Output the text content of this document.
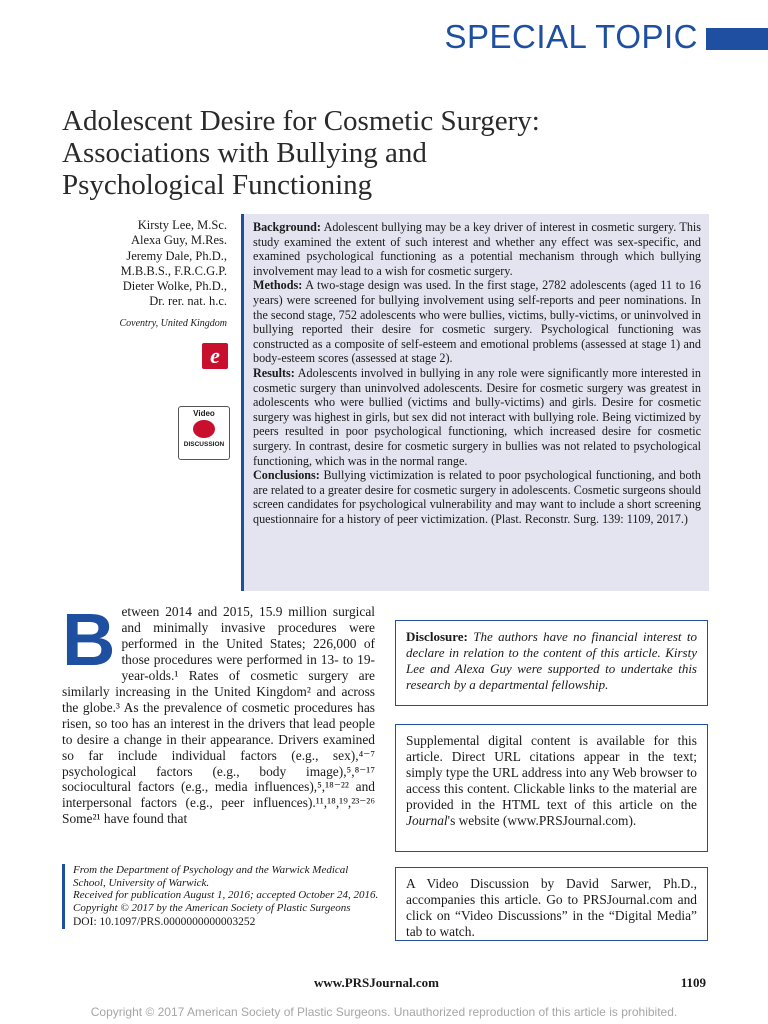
SPECIAL TOPIC
Adolescent Desire for Cosmetic Surgery:
Associations with Bullying and
Psychological Functioning
Kirsty Lee, M.Sc.
Alexa Guy, M.Res.
Jeremy Dale, Ph.D.,
M.B.B.S., F.R.C.G.P.
Dieter Wolke, Ph.D.,
Dr. rer. nat. h.c.
Coventry, United Kingdom
e
Video
DISCUSSION

Background: Adolescent bullying may be a key driver of interest in cosmetic surgery. This study examined the extent of such interest and whether any effect was sex-specific, and examined psychological functioning as a potential mechanism through which bullying involvement may lead to a wish for cosmetic surgery.

Methods: A two-stage design was used. In the first stage, 2782 adolescents (aged 11 to 16 years) were screened for bullying involvement using self-reports and peer nominations. In the second stage, 752 adolescents who were bullies, victims, bully-victims, or uninvolved in bullying reported their desire for cosmetic surgery. Psychological functioning was constructed as a composite of self-esteem and emotional problems (assessed at stage 1) and body-esteem scores (assessed at stage 2).

Results: Adolescents involved in bullying in any role were significantly more interested in cosmetic surgery than uninvolved adolescents. Desire for cosmetic surgery was greatest in adolescents who were bullied (victims and bully-victims) and girls. Desire for cosmetic surgery was highest in girls, but sex did not interact with bullying role. Being victimized by peers resulted in poor psychological functioning, which increased desire for cosmetic surgery. In contrast, desire for cosmetic surgery in bullies was not related to psychological functioning, which was in the normal range.

Conclusions: Bullying victimization is related to poor psychological functioning, and both are related to a greater desire for cosmetic surgery in adolescents. Cosmetic surgeons should screen candidates for psychological vulnerability and may want to include a short screening questionnaire for a history of peer victimization. (Plast. Reconstr. Surg. 139: 1109, 2017.)

Between 2014 and 2015, 15.9 million surgical and minimally invasive procedures were performed in the United States; 226,000 of those procedures were performed in 13- to 19-year-olds.¹ Rates of cosmetic surgery are similarly increasing in the United Kingdom² and across the globe.³ As the prevalence of cosmetic procedures has risen, so too has an interest in the drivers that lead people to desire a change in their appearance. Drivers examined so far include individual factors (e.g., sex),⁴⁻⁷ psychological factors (e.g., body image),⁵,⁸⁻¹⁷ sociocultural factors (e.g., media influences),⁵,¹⁸⁻²² and interpersonal factors (e.g., peer influences).¹¹,¹⁸,¹⁹,²³⁻²⁶ Some²¹ have found that
Disclosure: The authors have no financial interest to declare in relation to the content of this article. Kirsty Lee and Alexa Guy were supported to undertake this research by a departmental fellowship.
Supplemental digital content is available for this article. Direct URL citations appear in the text; simply type the URL address into any Web browser to access this content. Clickable links to the material are provided in the HTML text of this article on the Journal's website (www.PRSJournal.com).
A Video Discussion by David Sarwer, Ph.D., accompanies this article. Go to PRSJournal.com and click on “Video Discussions” in the “Digital Media” tab to watch.
From the Department of Psychology and the Warwick Medical School, University of Warwick.
Received for publication August 1, 2016; accepted October 24, 2016.
Copyright © 2017 by the American Society of Plastic Surgeons
DOI: 10.1097/PRS.0000000000003252
www.PRSJournal.com	1109
Copyright © 2017 American Society of Plastic Surgeons. Unauthorized reproduction of this article is prohibited.
